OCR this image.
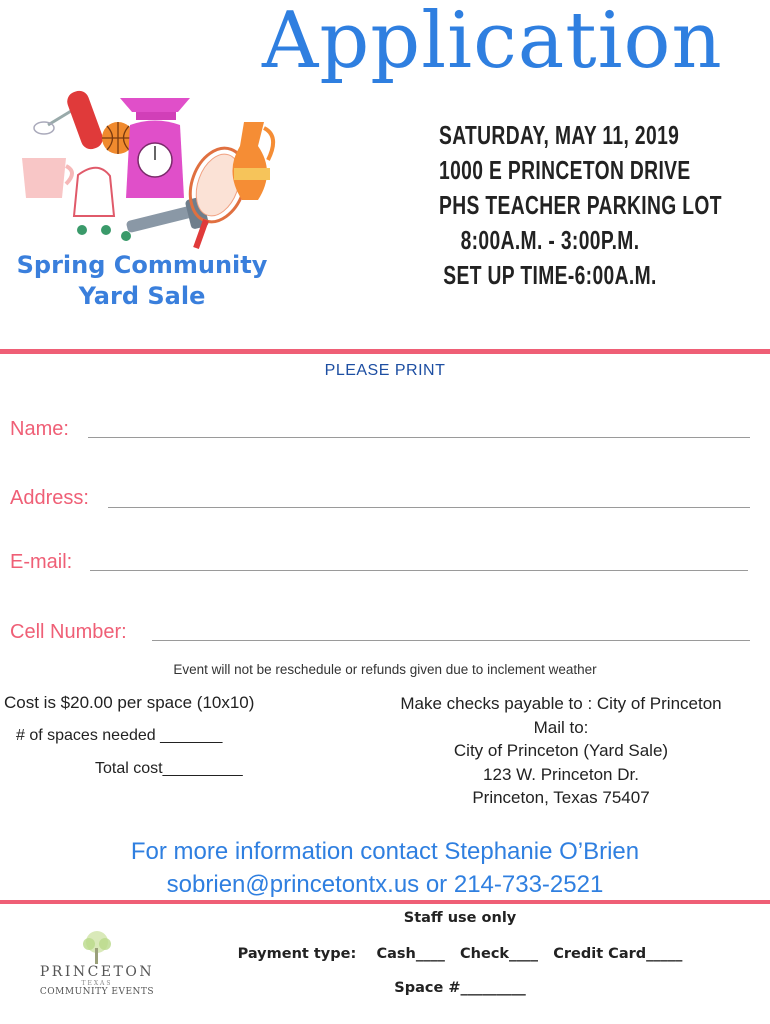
Application
SATURDAY, MAY 11, 2019
1000 E PRINCETON DRIVE
PHS TEACHER PARKING LOT
8:00A.M. - 3:00P.M.
SET UP TIME-6:00A.M.
Spring Community
Yard Sale
PLEASE PRINT
Name:
Address:
E-mail:
Cell Number:
Event will not be reschedule or refunds given due to inclement weather
Cost is $20.00 per space (10x10)
# of spaces needed _______
Total cost_________
Make checks payable to : City of Princeton
Mail to:
City of Princeton (Yard Sale)
123 W. Princeton Dr.
Princeton, Texas 75407
For more information contact Stephanie O’Brien
sobrien@princetontx.us or 214-733-2521
Staff use only
Payment type: Cash____ Check____ Credit Card_____
Space #_________
PRINCETON
TEXAS
COMMUNITY EVENTS
